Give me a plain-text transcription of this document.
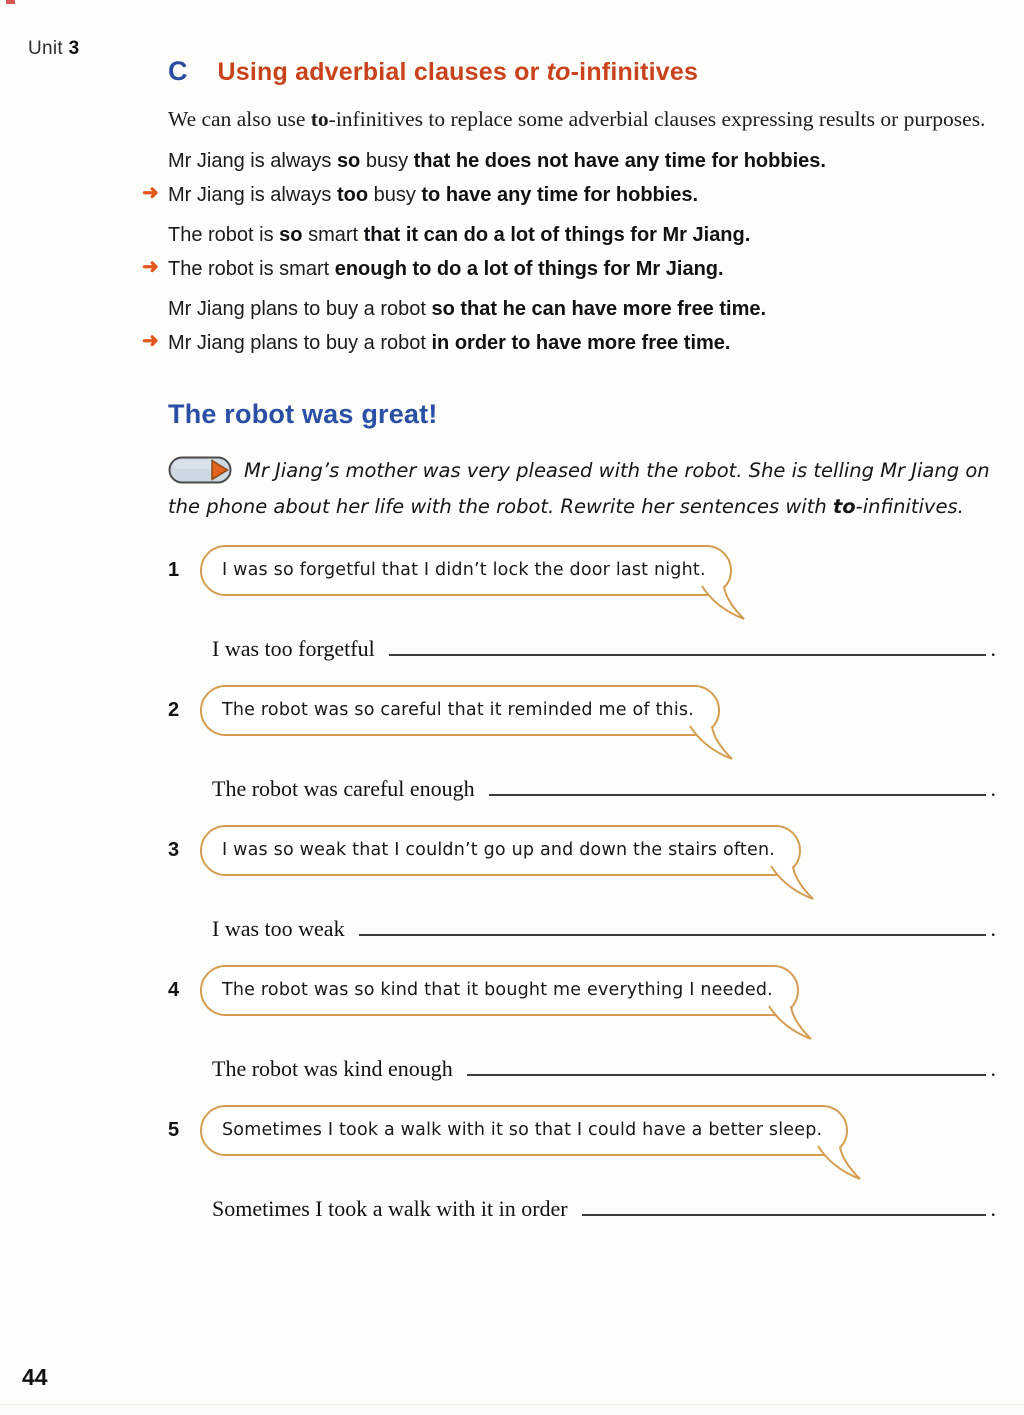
Unit 3
C Using adverbial clauses or to-infinitives

We can also use to-infinitives to replace some adverbial clauses expressing results or purposes.

Mr Jiang is always so busy that he does not have any time for hobbies.
➜ Mr Jiang is always too busy to have any time for hobbies.
The robot is so smart that it can do a lot of things for Mr Jiang.
➜ The robot is smart enough to do a lot of things for Mr Jiang.
Mr Jiang plans to buy a robot so that he can have more free time.
➜ Mr Jiang plans to buy a robot in order to have more free time.
The robot was great!

Mr Jiang’s mother was very pleased with the robot. She is telling Mr Jiang on the phone about her life with the robot. Rewrite her sentences with to-infinitives.

1 I was so forgetful that I didn’t lock the door last night.
I was too forgetful	.
2 The robot was so careful that it reminded me of this.
The robot was careful enough	.
3 I was so weak that I couldn’t go up and down the stairs often.
I was too weak	.
4 The robot was so kind that it bought me everything I needed.
The robot was kind enough	.
5 Sometimes I took a walk with it so that I could have a better sleep.
Sometimes I took a walk with it in order	.
44
